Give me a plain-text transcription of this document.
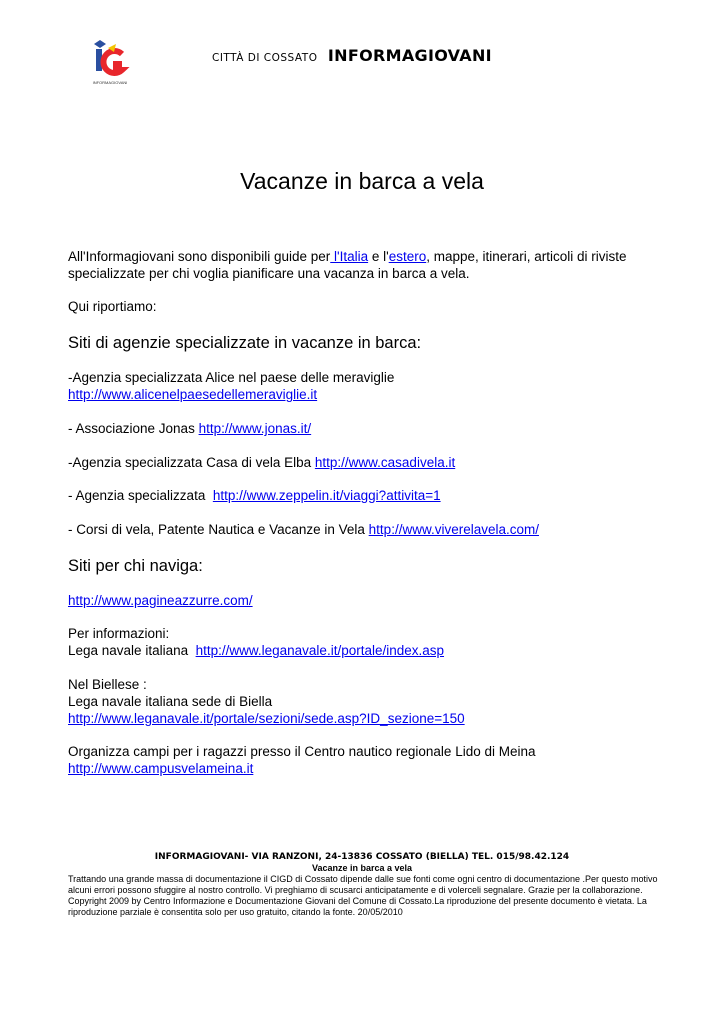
INFORMAGIOVANI
CITTÀ DI COSSATO INFORMAGIOVANI
Vacanze in barca a vela
All'Informagiovani sono disponibili guide per l'Italia e l'estero, mappe, itinerari, articoli di riviste specializzate per chi voglia pianificare una vacanza in barca a vela.
Qui riportiamo:
Siti di agenzie specializzate in vacanze in barca:
-Agenzia specializzata Alice nel paese delle meraviglie
http://www.alicenelpaesedellemeraviglie.it
- Associazione Jonas http://www.jonas.it/
-Agenzia specializzata Casa di vela Elba http://www.casadivela.it
- Agenzia specializzata  http://www.zeppelin.it/viaggi?attivita=1
- Corsi di vela, Patente Nautica e Vacanze in Vela http://www.viverelavela.com/
Siti per chi naviga:
http://www.pagineazzurre.com/
Per informazioni:
Lega navale italiana  http://www.leganavale.it/portale/index.asp
Nel Biellese :
Lega navale italiana sede di Biella
http://www.leganavale.it/portale/sezioni/sede.asp?ID_sezione=150
Organizza campi per i ragazzi presso il Centro nautico regionale Lido di Meina
http://www.campusvelameina.it
INFORMAGIOVANI- VIA RANZONI, 24-13836 COSSATO (BIELLA) TEL. 015/98.42.124
Vacanze in barca a vela
Trattando una grande massa di documentazione il CIGD di Cossato dipende dalle sue fonti come ogni centro di documentazione .Per questo motivo alcuni errori possono sfuggire al nostro controllo. Vi preghiamo di scusarci anticipatamente e di volerceli segnalare. Grazie per la collaborazione. Copyright 2009 by Centro Informazione e Documentazione Giovani del Comune di Cossato.La riproduzione del presente documento è vietata. La riproduzione parziale è consentita solo per uso gratuito, citando la fonte. 20/05/2010
